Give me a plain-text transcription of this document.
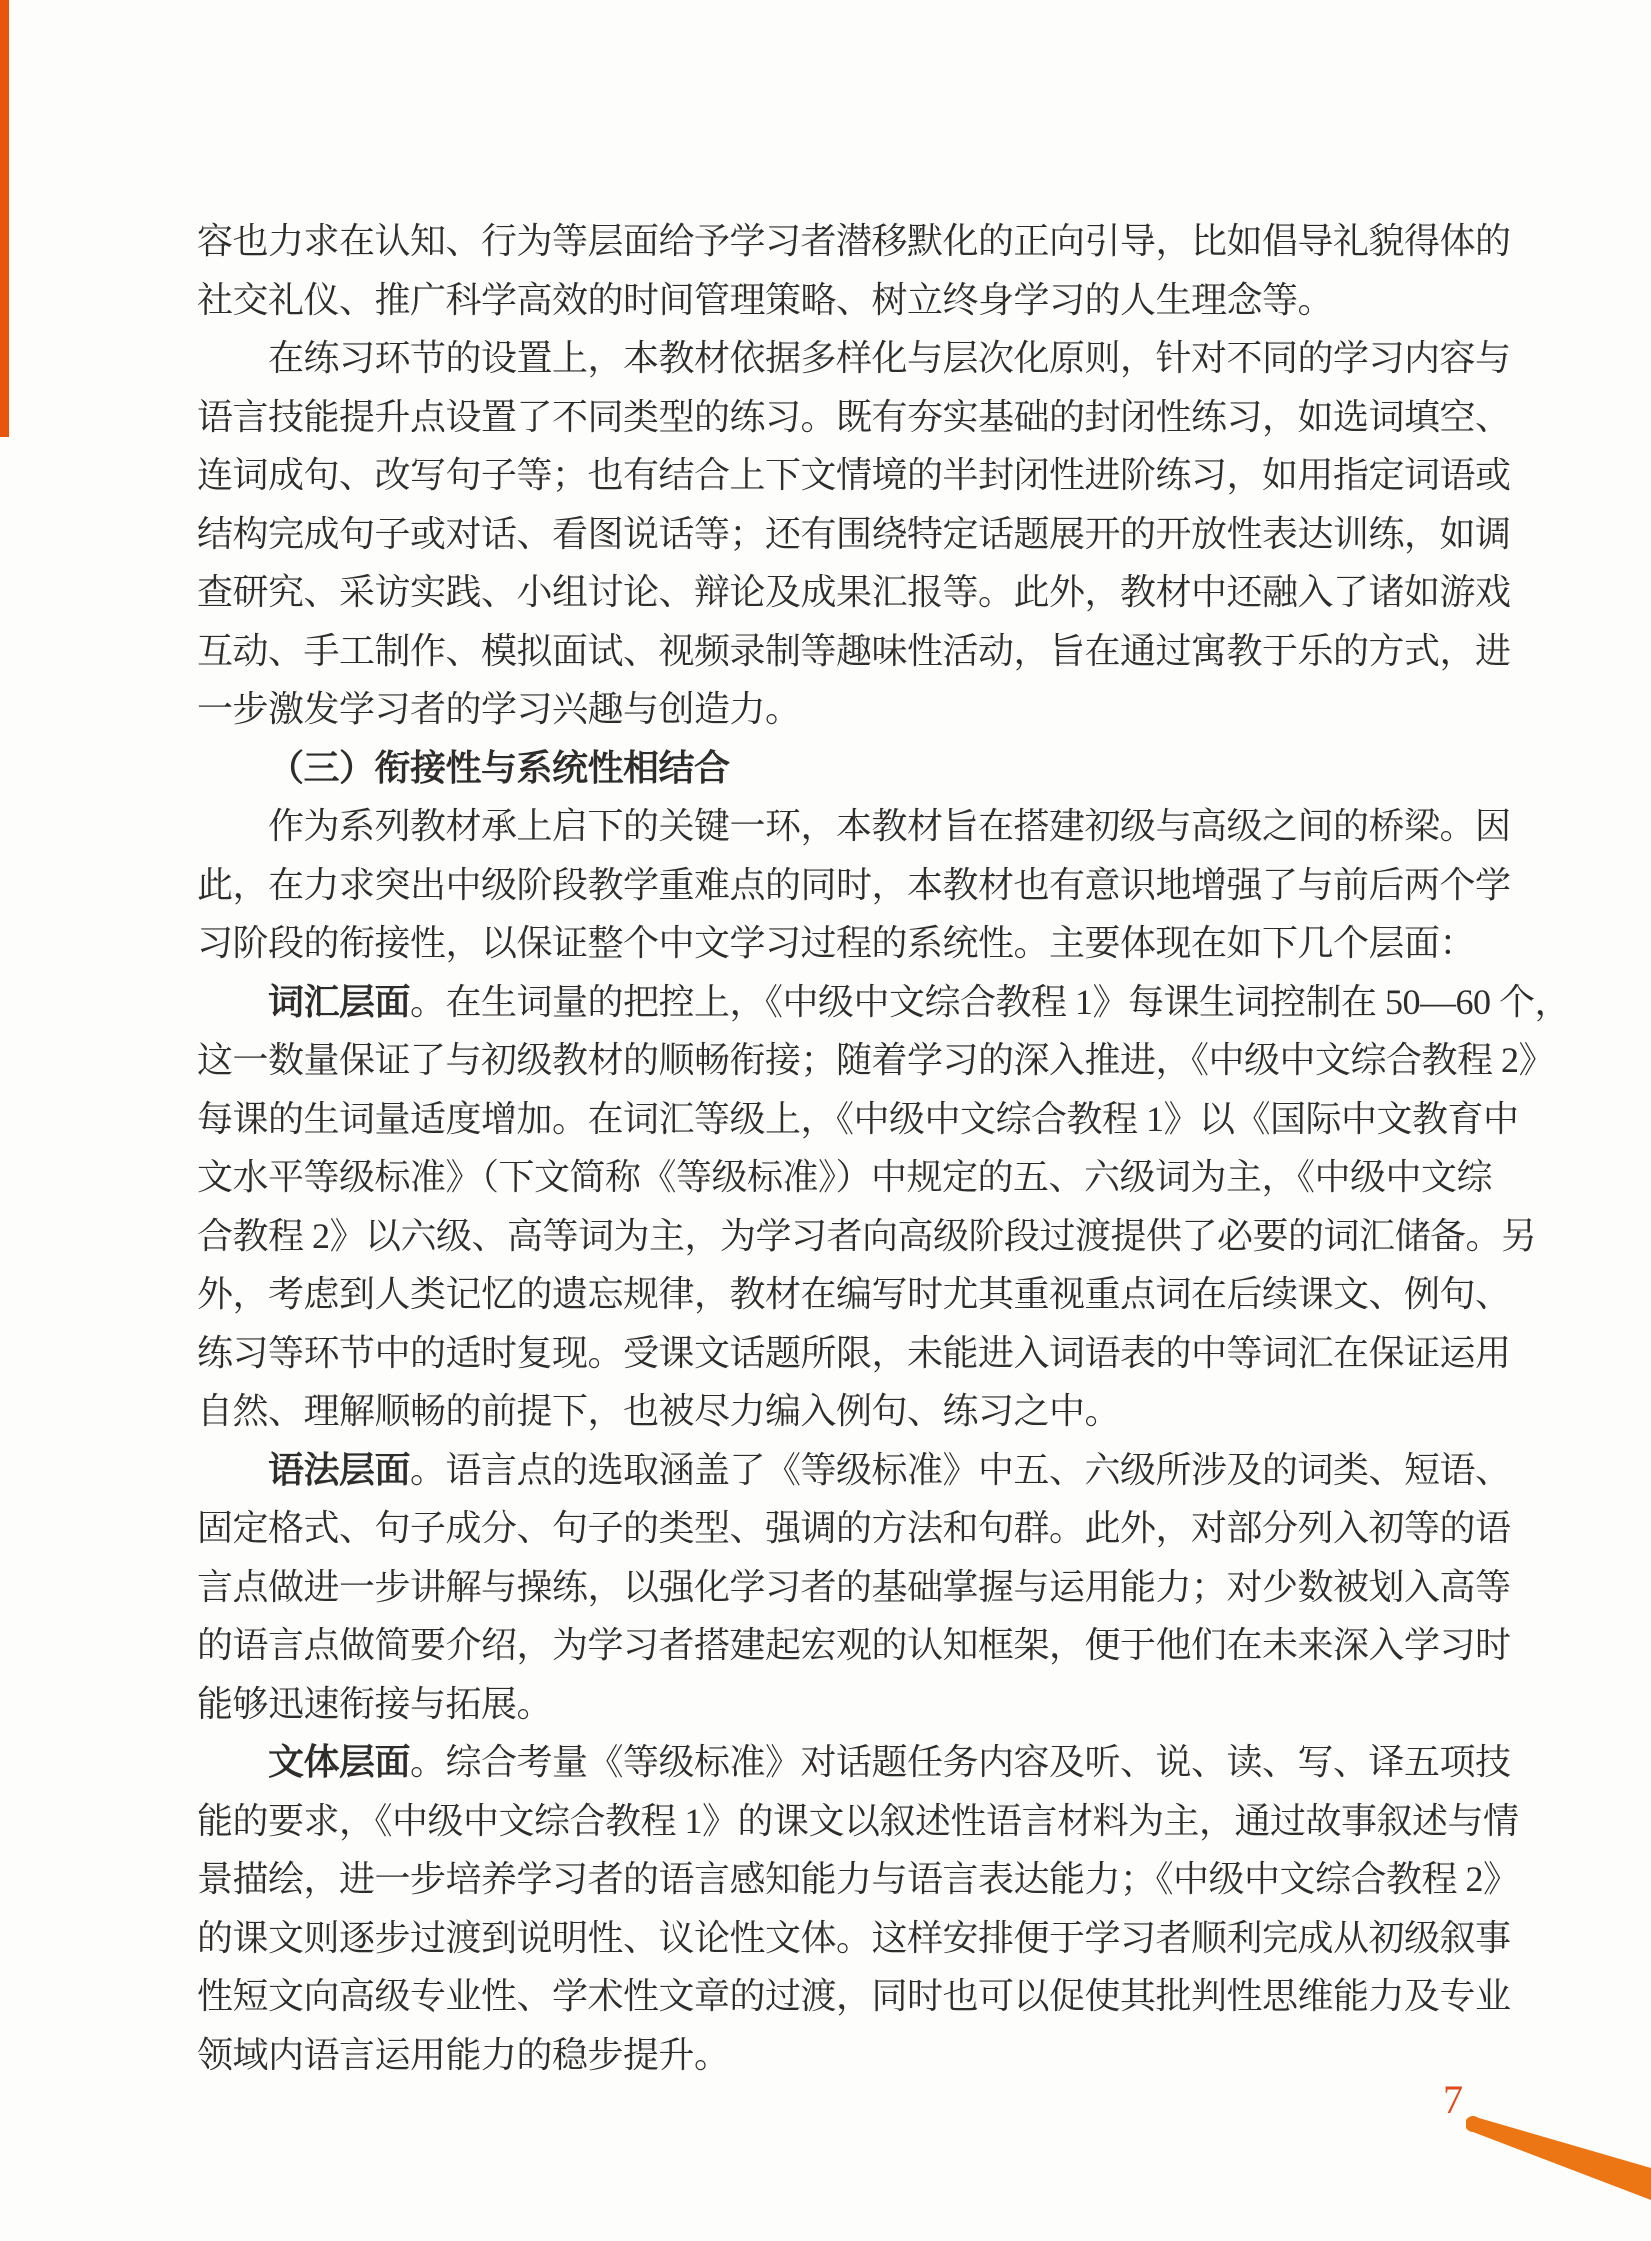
容也力求在认知、行为等层面给予学习者潜移默化的正向引导，比如倡导礼貌得体的
社交礼仪、推广科学高效的时间管理策略、树立终身学习的人生理念等。
在练习环节的设置上，本教材依据多样化与层次化原则，针对不同的学习内容与
语言技能提升点设置了不同类型的练习。既有夯实基础的封闭性练习，如选词填空、
连词成句、改写句子等；也有结合上下文情境的半封闭性进阶练习，如用指定词语或
结构完成句子或对话、看图说话等；还有围绕特定话题展开的开放性表达训练，如调
查研究、采访实践、小组讨论、辩论及成果汇报等。此外，教材中还融入了诸如游戏
互动、手工制作、模拟面试、视频录制等趣味性活动，旨在通过寓教于乐的方式，进
一步激发学习者的学习兴趣与创造力。
（三）衔接性与系统性相结合
作为系列教材承上启下的关键一环，本教材旨在搭建初级与高级之间的桥梁。因
此，在力求突出中级阶段教学重难点的同时，本教材也有意识地增强了与前后两个学
习阶段的衔接性，以保证整个中文学习过程的系统性。主要体现在如下几个层面：
词汇层面。在生词量的把控上，《中级中文综合教程 1》每课生词控制在 50—60 个，
这一数量保证了与初级教材的顺畅衔接；随着学习的深入推进，《中级中文综合教程 2》
每课的生词量适度增加。在词汇等级上，《中级中文综合教程 1》以《国际中文教育中
文水平等级标准》（下文简称《等级标准》）中规定的五、六级词为主，《中级中文综
合教程 2》以六级、高等词为主，为学习者向高级阶段过渡提供了必要的词汇储备。另
外，考虑到人类记忆的遗忘规律，教材在编写时尤其重视重点词在后续课文、例句、
练习等环节中的适时复现。受课文话题所限，未能进入词语表的中等词汇在保证运用
自然、理解顺畅的前提下，也被尽力编入例句、练习之中。
语法层面。语言点的选取涵盖了《等级标准》中五、六级所涉及的词类、短语、
固定格式、句子成分、句子的类型、强调的方法和句群。此外，对部分列入初等的语
言点做进一步讲解与操练，以强化学习者的基础掌握与运用能力；对少数被划入高等
的语言点做简要介绍，为学习者搭建起宏观的认知框架，便于他们在未来深入学习时
能够迅速衔接与拓展。
文体层面。综合考量《等级标准》对话题任务内容及听、说、读、写、译五项技
能的要求，《中级中文综合教程 1》的课文以叙述性语言材料为主，通过故事叙述与情
景描绘，进一步培养学习者的语言感知能力与语言表达能力；《中级中文综合教程 2》
的课文则逐步过渡到说明性、议论性文体。这样安排便于学习者顺利完成从初级叙事
性短文向高级专业性、学术性文章的过渡，同时也可以促使其批判性思维能力及专业
领域内语言运用能力的稳步提升。
7
